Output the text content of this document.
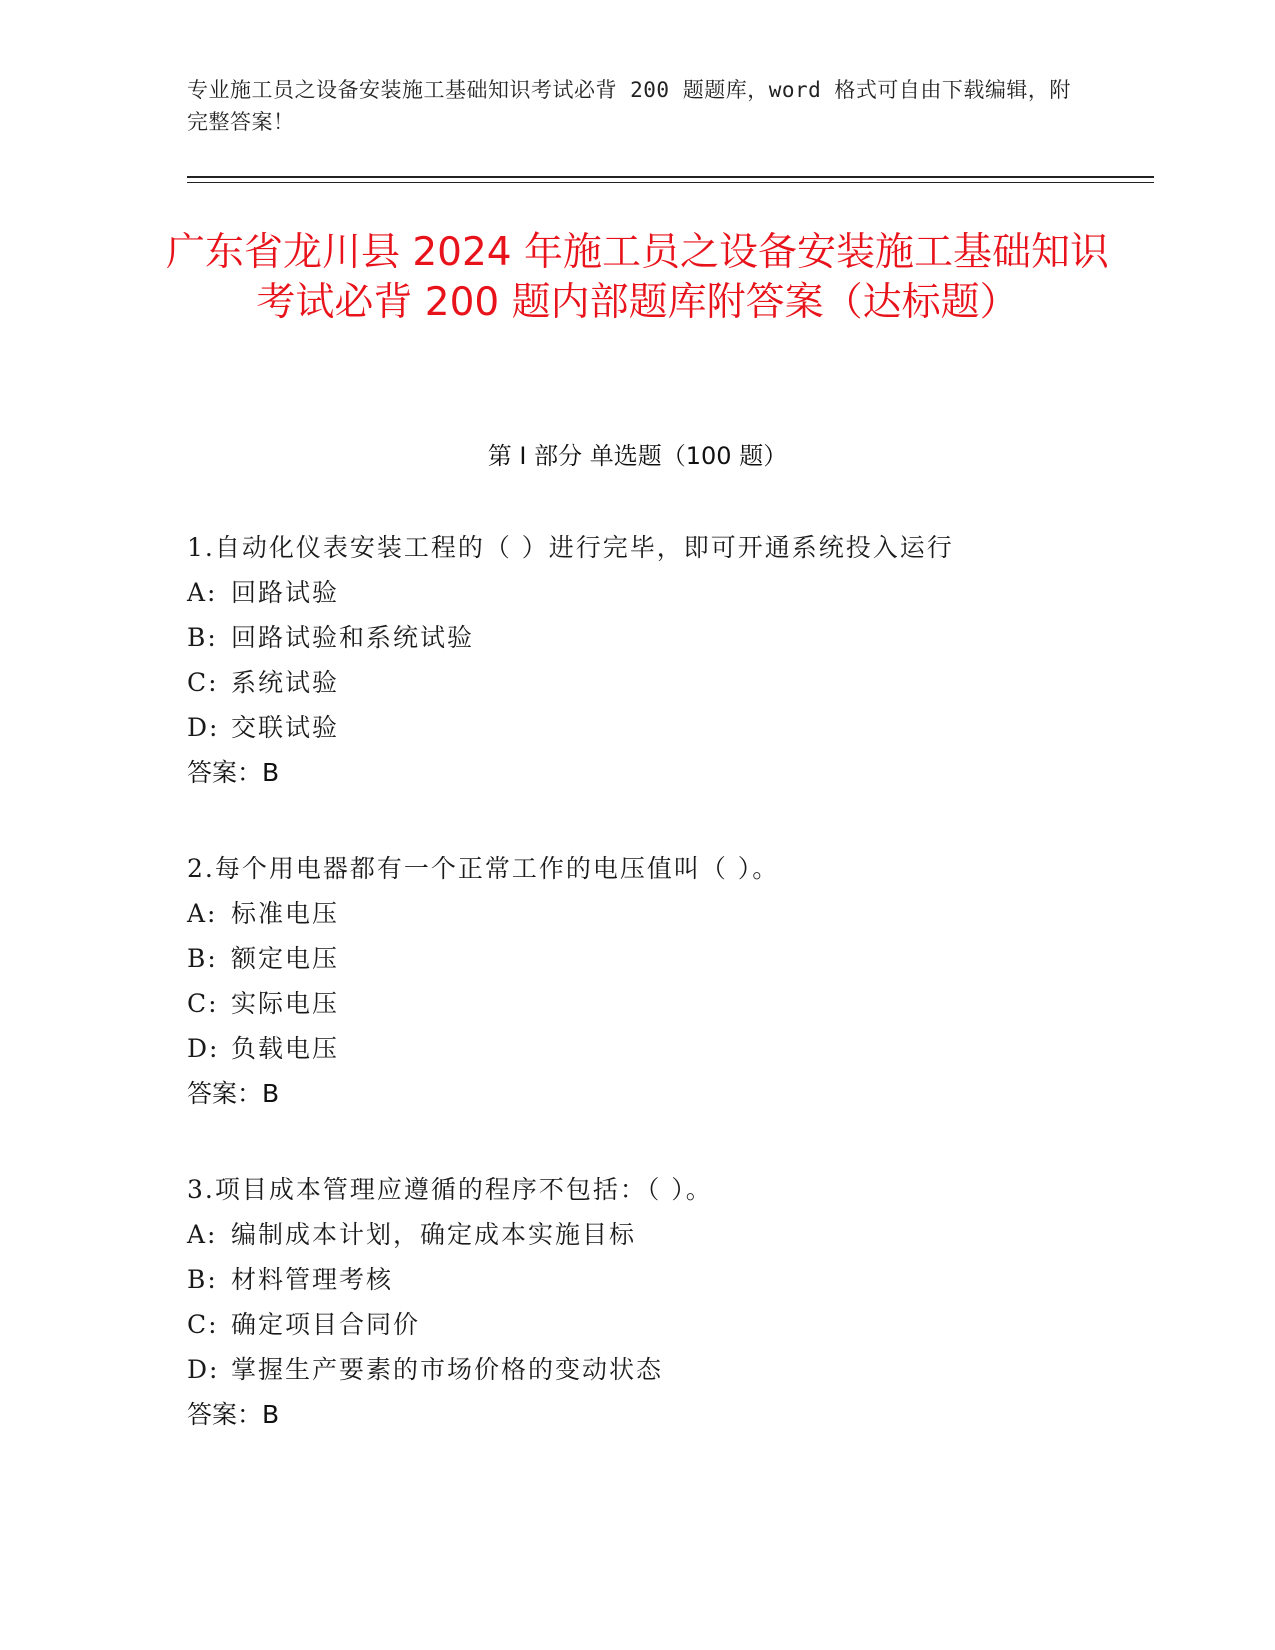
专业施工员之设备安装施工基础知识考试必背 200 题题库，word 格式可自由下载编辑，附完整答案！
广东省龙川县 2024 年施工员之设备安装施工基础知识考试必背 200 题内部题库附答案（达标题）
第 I 部分 单选题（100 题）
1.自动化仪表安装工程的（ ）进行完毕，即可开通系统投入运行
A: 回路试验
B: 回路试验和系统试验
C: 系统试验
D: 交联试验
答案：B
2.每个用电器都有一个正常工作的电压值叫（ ）。
A: 标准电压
B: 额定电压
C: 实际电压
D: 负载电压
答案：B
3.项目成本管理应遵循的程序不包括：（ ）。
A: 编制成本计划，确定成本实施目标
B: 材料管理考核
C: 确定项目合同价
D: 掌握生产要素的市场价格的变动状态
答案：B
